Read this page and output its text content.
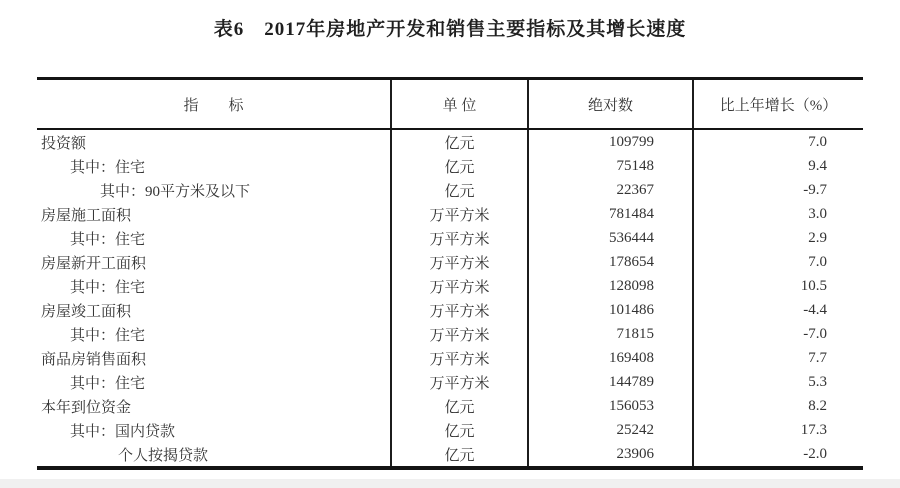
表6　2017年房地产开发和销售主要指标及其增长速度
指　　标	单 位	绝对数	比上年增长（%）
投资额	亿元	109799	7.0
其中：住宅	亿元	75148	9.4
其中：90平方米及以下	亿元	22367	-9.7
房屋施工面积	万平方米	781484	3.0
其中：住宅	万平方米	536444	2.9
房屋新开工面积	万平方米	178654	7.0
其中：住宅	万平方米	128098	10.5
房屋竣工面积	万平方米	101486	-4.4
其中：住宅	万平方米	71815	-7.0
商品房销售面积	万平方米	169408	7.7
其中：住宅	万平方米	144789	5.3
本年到位资金	亿元	156053	8.2
其中：国内贷款	亿元	25242	17.3
个人按揭贷款	亿元	23906	-2.0
